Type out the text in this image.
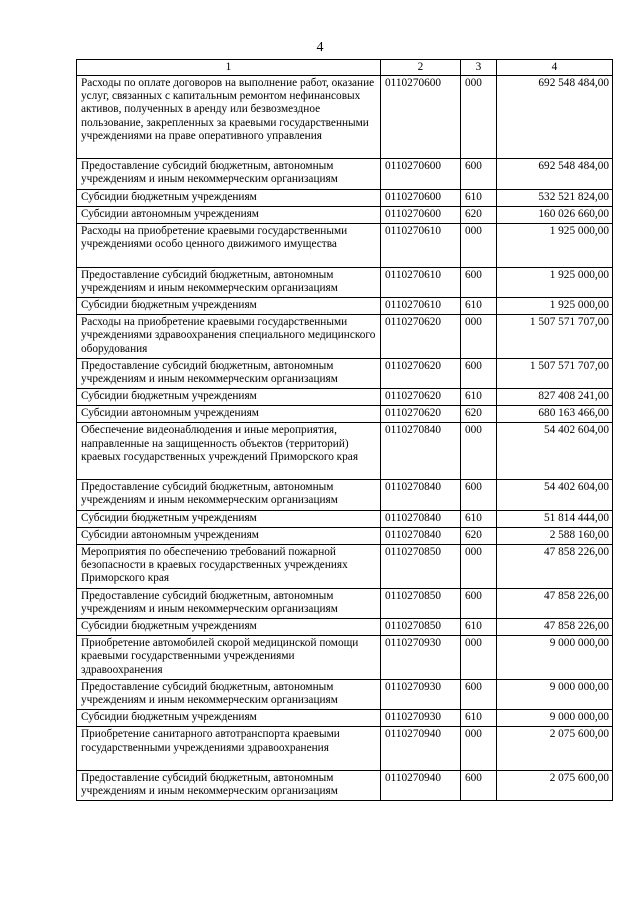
4
1	2	3	4
Расходы по оплате договоров на выполнение работ, оказание услуг, связанных с капитальным ремонтом нефинансовых активов, полученных в аренду или безвозмездное пользование, закрепленных за краевыми государственными учреждениями на праве оперативного управления	0110270600	000	692 548 484,00
Предоставление субсидий бюджетным, автономным учреждениям и иным некоммерческим организациям	0110270600	600	692 548 484,00
Субсидии бюджетным учреждениям	0110270600	610	532 521 824,00
Субсидии автономным учреждениям	0110270600	620	160 026 660,00
Расходы на приобретение краевыми государственными учреждениями особо ценного движимого имущества	0110270610	000	1 925 000,00
Предоставление субсидий бюджетным, автономным учреждениям и иным некоммерческим организациям	0110270610	600	1 925 000,00
Субсидии бюджетным учреждениям	0110270610	610	1 925 000,00
Расходы на приобретение краевыми государственными учреждениями здравоохранения специального медицинского оборудования	0110270620	000	1 507 571 707,00
Предоставление субсидий бюджетным, автономным учреждениям и иным некоммерческим организациям	0110270620	600	1 507 571 707,00
Субсидии бюджетным учреждениям	0110270620	610	827 408 241,00
Субсидии автономным учреждениям	0110270620	620	680 163 466,00
Обеспечение видеонаблюдения и иные мероприятия, направленные на защищенность объектов (территорий) краевых государственных учреждений Приморского края	0110270840	000	54 402 604,00
Предоставление субсидий бюджетным, автономным учреждениям и иным некоммерческим организациям	0110270840	600	54 402 604,00
Субсидии бюджетным учреждениям	0110270840	610	51 814 444,00
Субсидии автономным учреждениям	0110270840	620	2 588 160,00
Мероприятия по обеспечению требований пожарной безопасности в краевых государственных учреждениях Приморского края	0110270850	000	47 858 226,00
Предоставление субсидий бюджетным, автономным учреждениям и иным некоммерческим организациям	0110270850	600	47 858 226,00
Субсидии бюджетным учреждениям	0110270850	610	47 858 226,00
Приобретение автомобилей скорой медицинской помощи краевыми государственными учреждениями здравоохранения	0110270930	000	9 000 000,00
Предоставление субсидий бюджетным, автономным учреждениям и иным некоммерческим организациям	0110270930	600	9 000 000,00
Субсидии бюджетным учреждениям	0110270930	610	9 000 000,00
Приобретение санитарного автотранспорта краевыми государственными учреждениями здравоохранения	0110270940	000	2 075 600,00
Предоставление субсидий бюджетным, автономным учреждениям и иным некоммерческим организациям	0110270940	600	2 075 600,00
